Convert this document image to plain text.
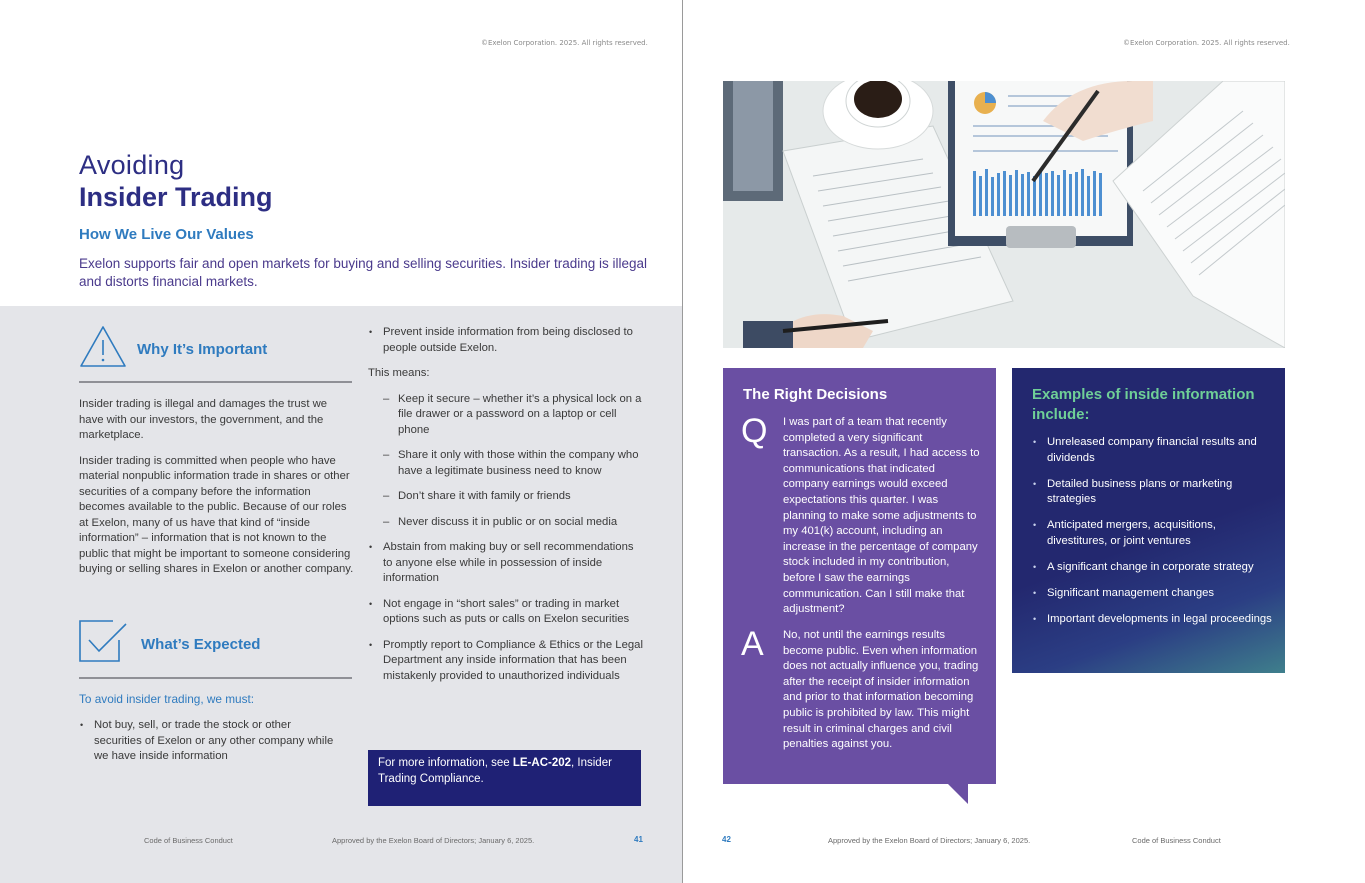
©Exelon Corporation. 2025. All rights reserved.
Avoiding
Insider Trading
How We Live Our Values
Exelon supports fair and open markets for buying and selling securities. Insider trading is illegal and distorts financial markets.
Why It’s Important

Insider trading is illegal and damages the trust we have with our investors, the government, and the marketplace.

Insider trading is committed when people who have material nonpublic information trade in shares or other securities of a company before the information becomes available to the public. Because of our roles at Exelon, many of us have that kind of “inside information” – information that is not known to the public that might be important to someone considering buying or selling shares in Exelon or another company.

What’s Expected
To avoid insider trading, we must:
• Not buy, sell, or trade the stock or other securities of Exelon or any other company while we have inside information
• Prevent inside information from being disclosed to people outside Exelon.

This means:

– Keep it secure – whether it’s a physical lock on a file drawer or a password on a laptop or cell phone
– Share it only with those within the company who have a legitimate business need to know
– Don’t share it with family or friends
– Never discuss it in public or on social media
• Abstain from making buy or sell recommendations to anyone else while in possession of inside information
• Not engage in “short sales” or trading in market options such as puts or calls on Exelon securities
• Promptly report to Compliance & Ethics or the Legal Department any inside information that has been mistakenly provided to unauthorized individuals
For more information, see LE-AC-202, Insider Trading Compliance.
Code of Business Conduct	Approved by the Exelon Board of Directors; January 6, 2025.	41
©Exelon Corporation. 2025. All rights reserved.
The Right Decisions
Q I was part of a team that recently completed a very significant transaction. As a result, I had access to communications that indicated company earnings would exceed expectations this quarter. I was planning to make some adjustments to my 401(k) account, including an increase in the percentage of company stock included in my contribution, before I saw the earnings communication. Can I still make that adjustment?
A No, not until the earnings results become public. Even when information does not actually influence you, trading after the receipt of insider information and prior to that information becoming public is prohibited by law. This might result in criminal charges and civil penalties against you.
Examples of inside information include:
• Unreleased company financial results and dividends
• Detailed business plans or marketing strategies
• Anticipated mergers, acquisitions, divestitures, or joint ventures
• A significant change in corporate strategy
• Significant management changes
• Important developments in legal proceedings
42	Approved by the Exelon Board of Directors; January 6, 2025.	Code of Business Conduct
